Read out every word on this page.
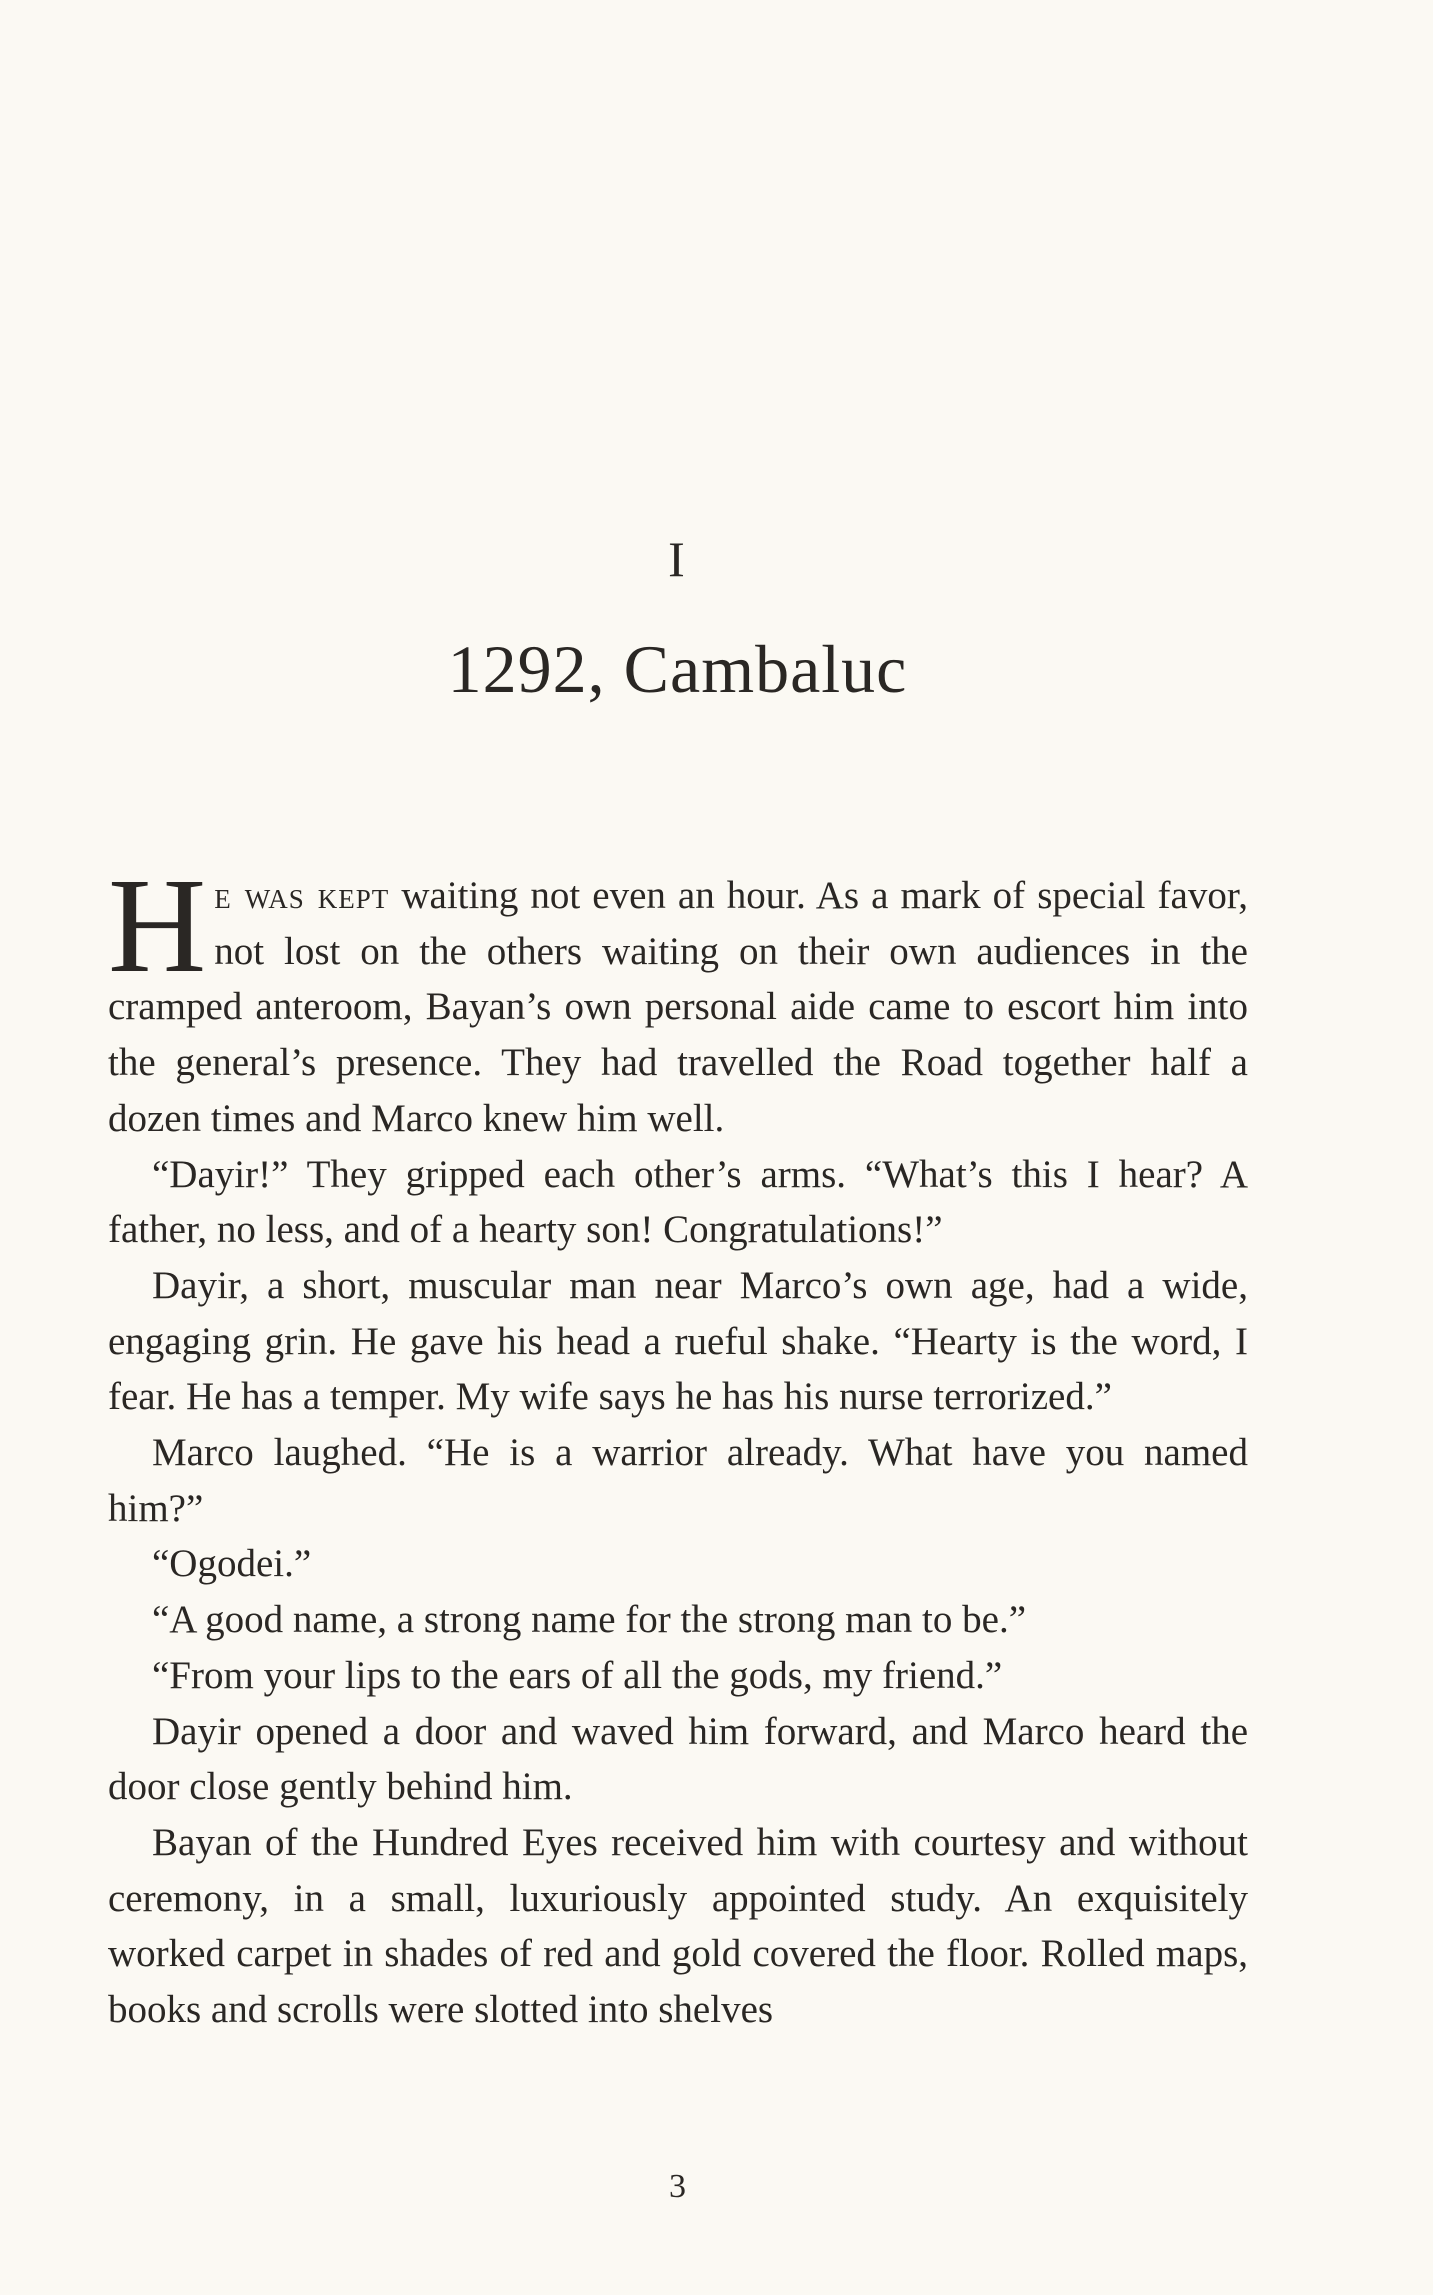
I
1292, Cambaluc

He was kept waiting not even an hour. As a mark of special favor, not lost on the others waiting on their own audiences in the cramped anteroom, Bayan’s own personal aide came to escort him into the general’s presence. They had travelled the Road together half a dozen times and Marco knew him well.

“Dayir!” They gripped each other’s arms. “What’s this I hear? A father, no less, and of a hearty son! Congratulations!”

Dayir, a short, muscular man near Marco’s own age, had a wide, engaging grin. He gave his head a rueful shake. “Hearty is the word, I fear. He has a temper. My wife says he has his nurse terrorized.”

Marco laughed. “He is a warrior already. What have you named him?”

“Ogodei.”

“A good name, a strong name for the strong man to be.”

“From your lips to the ears of all the gods, my friend.”

Dayir opened a door and waved him forward, and Marco heard the door close gently behind him.

Bayan of the Hundred Eyes received him with courtesy and without ceremony, in a small, luxuriously appointed study. An exquisitely worked carpet in shades of red and gold covered the floor. Rolled maps, books and scrolls were slotted into shelves

3
